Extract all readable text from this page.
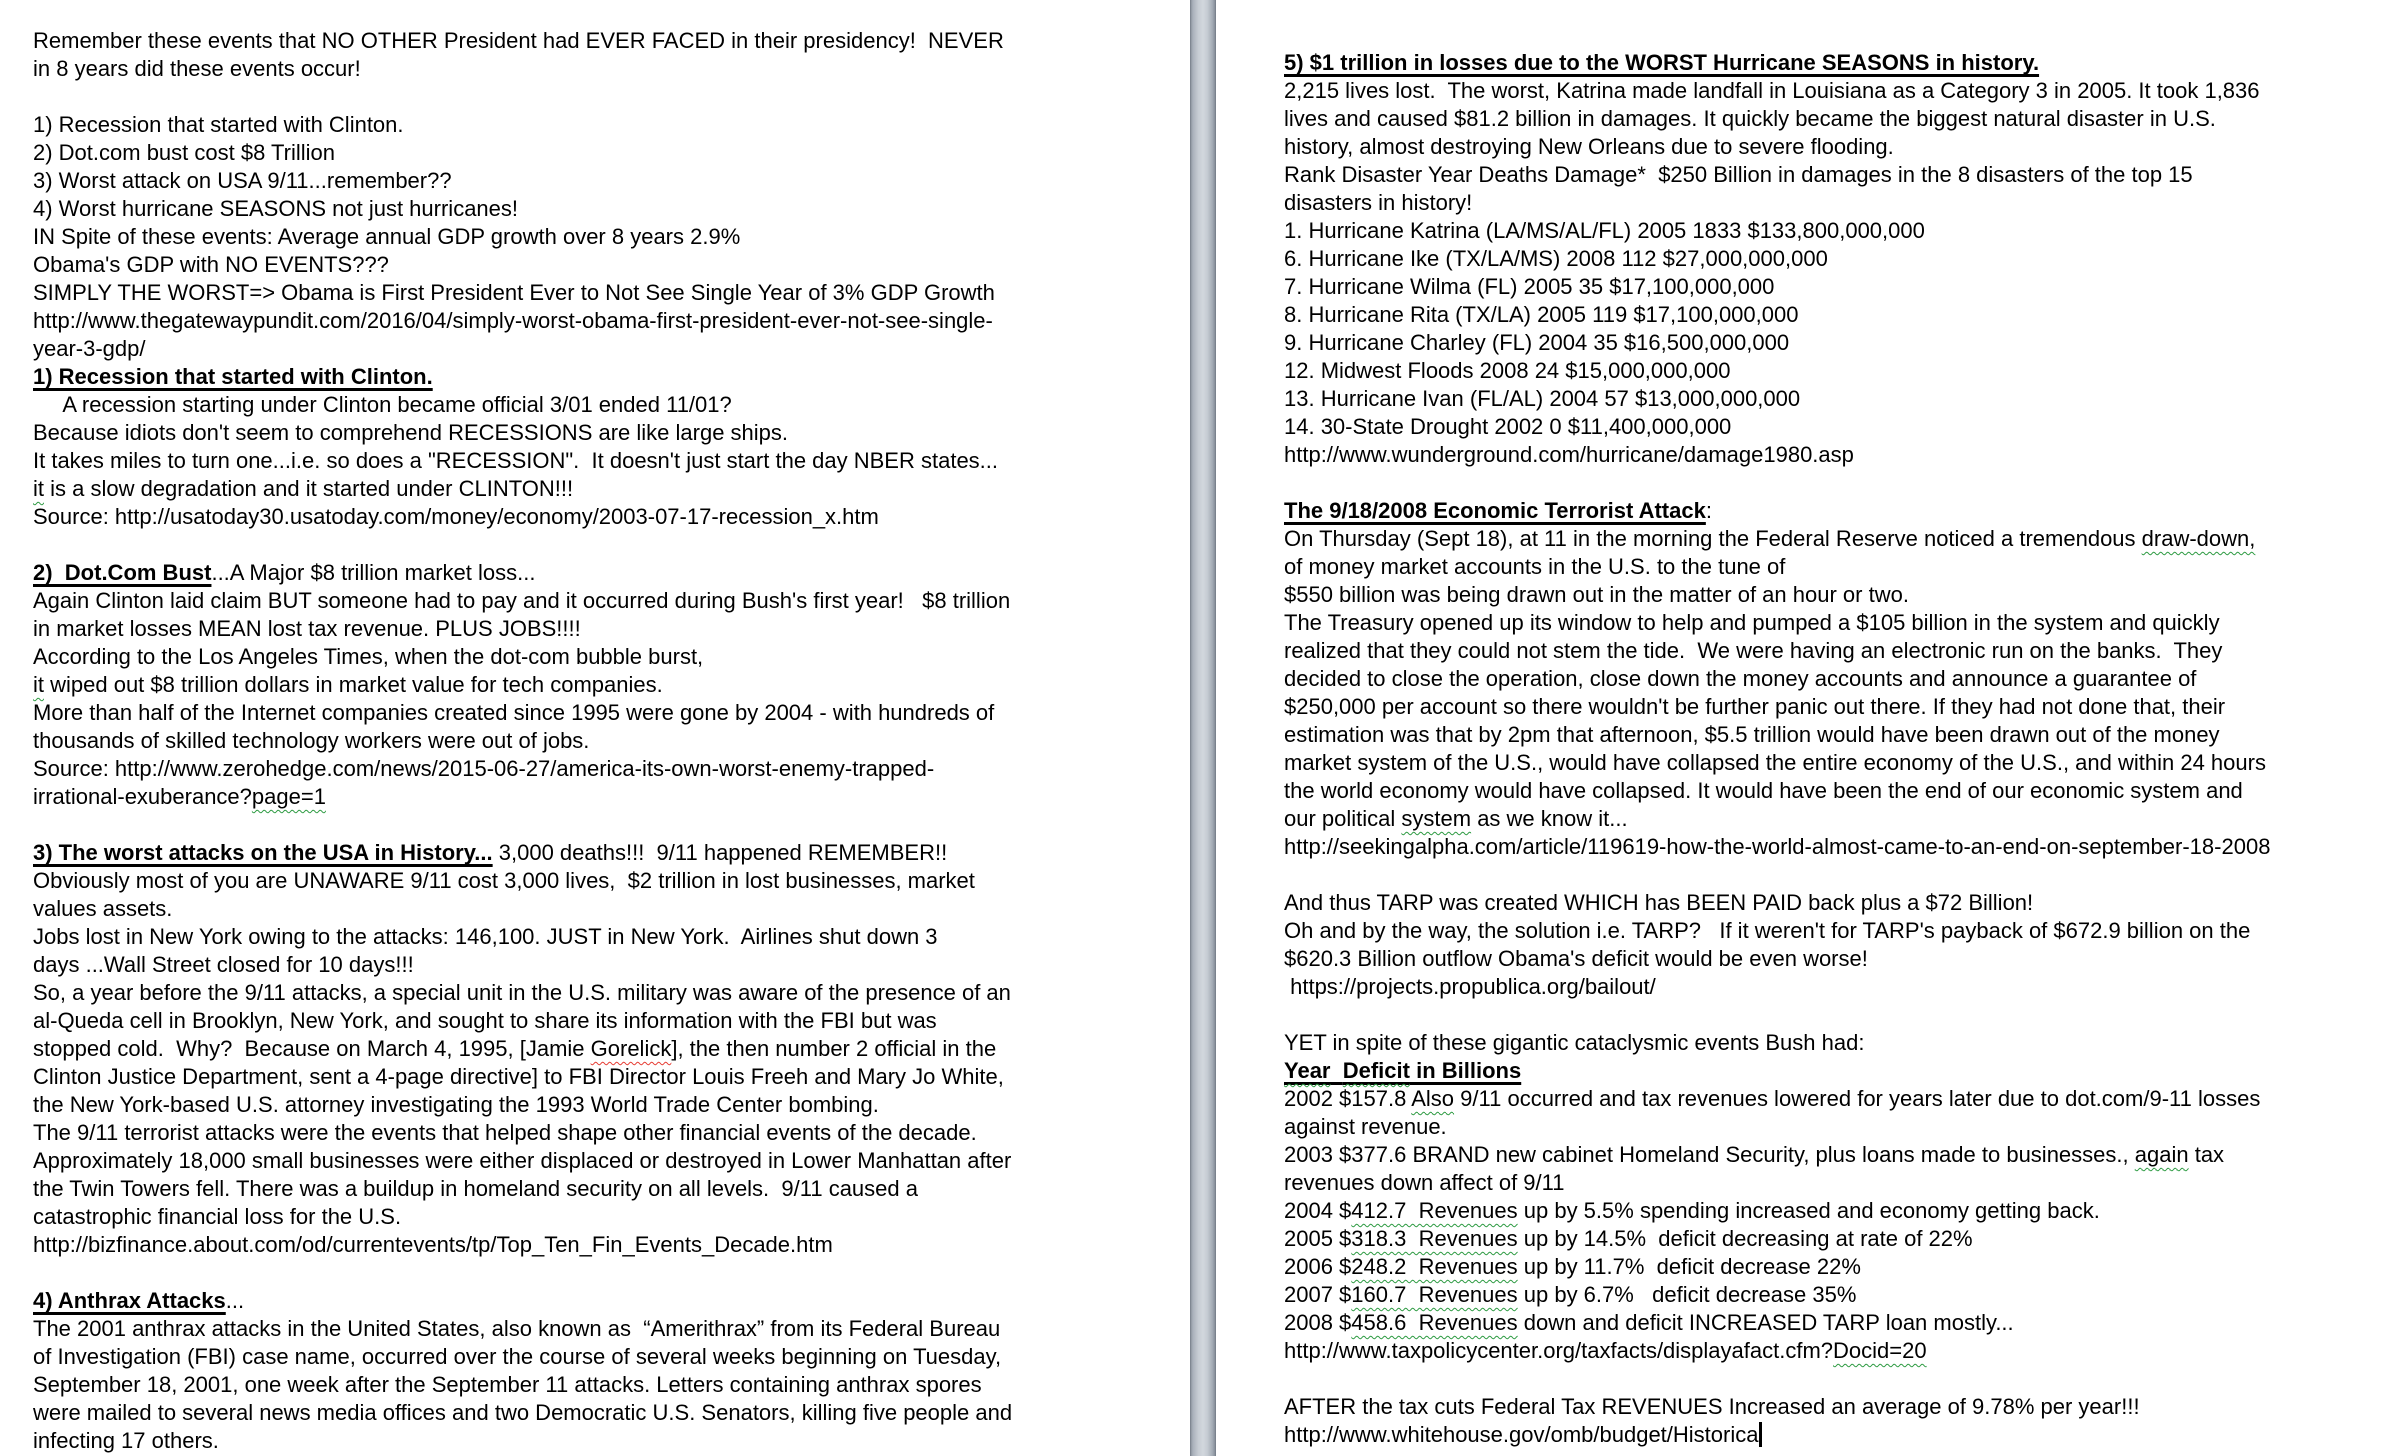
Remember these events that NO OTHER President had EVER FACED in their presidency!  NEVER
in 8 years did these events occur!
1) Recession that started with Clinton.
2) Dot.com bust cost $8 Trillion
3) Worst attack on USA 9/11...remember??
4) Worst hurricane SEASONS not just hurricanes!
IN Spite of these events: Average annual GDP growth over 8 years 2.9%
Obama's GDP with NO EVENTS???
SIMPLY THE WORST=> Obama is First President Ever to Not See Single Year of 3% GDP Growth
http://www.thegatewaypundit.com/2016/04/simply-worst-obama-first-president-ever-not-see-single-
year-3-gdp/
1) Recession that started with Clinton.
A recession starting under Clinton became official 3/01 ended 11/01?
Because idiots don't seem to comprehend RECESSIONS are like large ships.
It takes miles to turn one...i.e. so does a "RECESSION".  It doesn't just start the day NBER states...
it is a slow degradation and it started under CLINTON!!!
Source: http://usatoday30.usatoday.com/money/economy/2003-07-17-recession_x.htm
2)  Dot.Com Bust...A Major $8 trillion market loss...
Again Clinton laid claim BUT someone had to pay and it occurred during Bush's first year!   $8 trillion
in market losses MEAN lost tax revenue. PLUS JOBS!!!!
According to the Los Angeles Times, when the dot-com bubble burst,
it wiped out $8 trillion dollars in market value for tech companies.
More than half of the Internet companies created since 1995 were gone by 2004 - with hundreds of
thousands of skilled technology workers were out of jobs.
Source: http://www.zerohedge.com/news/2015-06-27/america-its-own-worst-enemy-trapped-
irrational-exuberance?page=1
3) The worst attacks on the USA in History... 3,000 deaths!!!  9/11 happened REMEMBER!!
Obviously most of you are UNAWARE 9/11 cost 3,000 lives,  $2 trillion in lost businesses, market
values assets.
Jobs lost in New York owing to the attacks: 146,100. JUST in New York.  Airlines shut down 3
days ...Wall Street closed for 10 days!!!
So, a year before the 9/11 attacks, a special unit in the U.S. military was aware of the presence of an
al-Queda cell in Brooklyn, New York, and sought to share its information with the FBI but was
stopped cold.  Why?  Because on March 4, 1995, [Jamie Gorelick], the then number 2 official in the
Clinton Justice Department, sent a 4-page directive] to FBI Director Louis Freeh and Mary Jo White,
the New York-based U.S. attorney investigating the 1993 World Trade Center bombing.
The 9/11 terrorist attacks were the events that helped shape other financial events of the decade.
Approximately 18,000 small businesses were either displaced or destroyed in Lower Manhattan after
the Twin Towers fell. There was a buildup in homeland security on all levels.  9/11 caused a
catastrophic financial loss for the U.S.
http://bizfinance.about.com/od/currentevents/tp/Top_Ten_Fin_Events_Decade.htm
4) Anthrax Attacks...
The 2001 anthrax attacks in the United States, also known as  “Amerithrax” from its Federal Bureau
of Investigation (FBI) case name, occurred over the course of several weeks beginning on Tuesday,
September 18, 2001, one week after the September 11 attacks. Letters containing anthrax spores
were mailed to several news media offices and two Democratic U.S. Senators, killing five people and
infecting 17 others.
5) $1 trillion in losses due to the WORST Hurricane SEASONS in history.
2,215 lives lost.  The worst, Katrina made landfall in Louisiana as a Category 3 in 2005. It took 1,836
lives and caused $81.2 billion in damages. It quickly became the biggest natural disaster in U.S.
history, almost destroying New Orleans due to severe flooding.
Rank Disaster Year Deaths Damage*  $250 Billion in damages in the 8 disasters of the top 15
disasters in history!
1. Hurricane Katrina (LA/MS/AL/FL) 2005 1833 $133,800,000,000
6. Hurricane Ike (TX/LA/MS) 2008 112 $27,000,000,000
7. Hurricane Wilma (FL) 2005 35 $17,100,000,000
8. Hurricane Rita (TX/LA) 2005 119 $17,100,000,000
9. Hurricane Charley (FL) 2004 35 $16,500,000,000
12. Midwest Floods 2008 24 $15,000,000,000
13. Hurricane Ivan (FL/AL) 2004 57 $13,000,000,000
14. 30-State Drought 2002 0 $11,400,000,000
http://www.wunderground.com/hurricane/damage1980.asp
The 9/18/2008 Economic Terrorist Attack:
On Thursday (Sept 18), at 11 in the morning the Federal Reserve noticed a tremendous draw-down,
of money market accounts in the U.S. to the tune of
$550 billion was being drawn out in the matter of an hour or two.
The Treasury opened up its window to help and pumped a $105 billion in the system and quickly
realized that they could not stem the tide.  We were having an electronic run on the banks.  They
decided to close the operation, close down the money accounts and announce a guarantee of
$250,000 per account so there wouldn't be further panic out there. If they had not done that, their
estimation was that by 2pm that afternoon, $5.5 trillion would have been drawn out of the money
market system of the U.S., would have collapsed the entire economy of the U.S., and within 24 hours
the world economy would have collapsed. It would have been the end of our economic system and
our political system as we know it...
http://seekingalpha.com/article/119619-how-the-world-almost-came-to-an-end-on-september-18-2008
And thus TARP was created WHICH has BEEN PAID back plus a $72 Billion!
Oh and by the way, the solution i.e. TARP?   If it weren't for TARP's payback of $672.9 billion on the
$620.3 Billion outflow Obama's deficit would be even worse!
https://projects.propublica.org/bailout/
YET in spite of these gigantic cataclysmic events Bush had:
Year Deficit in Billions
2002 $157.8 Also 9/11 occurred and tax revenues lowered for years later due to dot.com/9-11 losses
against revenue.
2003 $377.6 BRAND new cabinet Homeland Security, plus loans made to businesses., again tax
revenues down affect of 9/11
2004 $412.7  Revenues up by 5.5% spending increased and economy getting back.
2005 $318.3  Revenues up by 14.5%  deficit decreasing at rate of 22%
2006 $248.2  Revenues up by 11.7%  deficit decrease 22%
2007 $160.7  Revenues up by 6.7%   deficit decrease 35%
2008 $458.6  Revenues down and deficit INCREASED TARP loan mostly...
http://www.taxpolicycenter.org/taxfacts/displayafact.cfm?Docid=20
AFTER the tax cuts Federal Tax REVENUES Increased an average of 9.78% per year!!!
http://www.whitehouse.gov/omb/budget/Historica
